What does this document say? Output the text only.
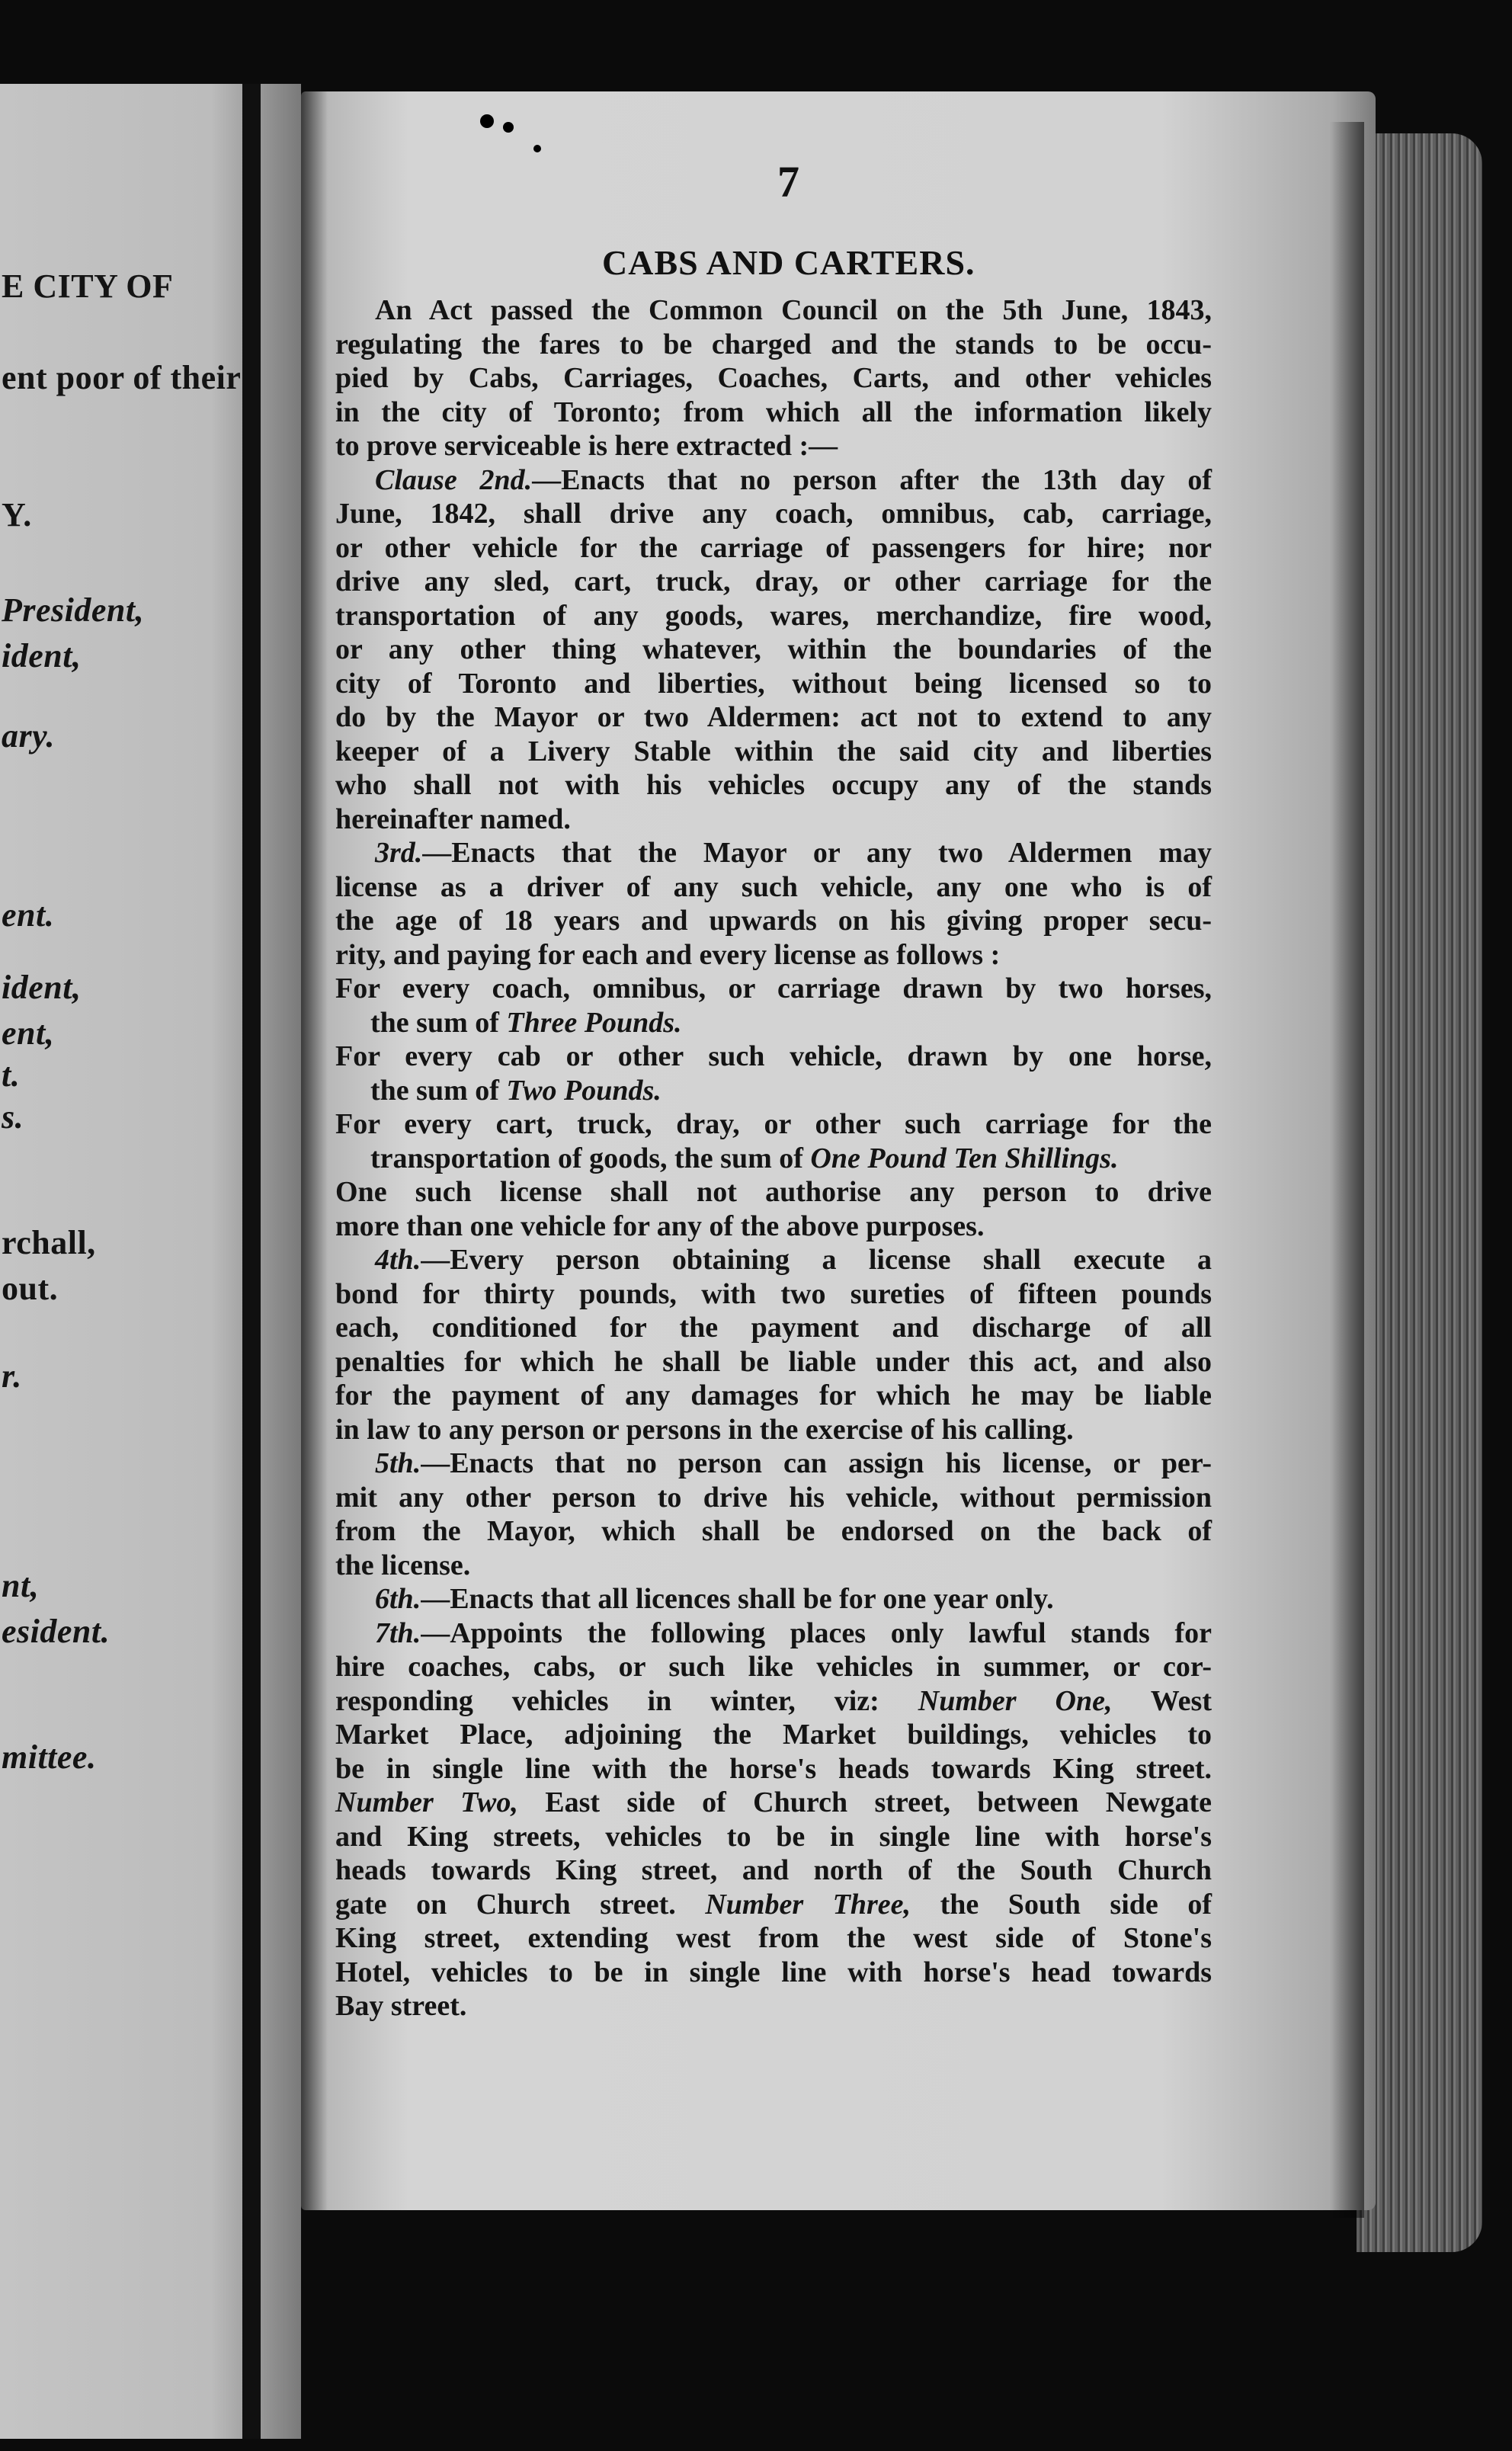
E CITY OF
ent poor of their
Y.
President,
ident,
ary.
ent.
ident,
ent,
t.
s.
rchall,
out.
r.
nt,
esident.
mittee.
7
CABS AND CARTERS.

An Act passed the Common Council on the 5th June, 1843,

regulating the fares to be charged and the stands to be occu-

pied by Cabs, Carriages, Coaches, Carts, and other vehicles

in the city of Toronto; from which all the information likely

to prove serviceable is here extracted :—

Clause 2nd.—Enacts that no person after the 13th day of

June, 1842, shall drive any coach, omnibus, cab, carriage,

or other vehicle for the carriage of passengers for hire; nor

drive any sled, cart, truck, dray, or other carriage for the

transportation of any goods, wares, merchandize, fire wood,

or any other thing whatever, within the boundaries of the

city of Toronto and liberties, without being licensed so to

do by the Mayor or two Aldermen: act not to extend to any

keeper of a Livery Stable within the said city and liberties

who shall not with his vehicles occupy any of the stands

hereinafter named.

3rd.—Enacts that the Mayor or any two Aldermen may

license as a driver of any such vehicle, any one who is of

the age of 18 years and upwards on his giving proper secu-

rity, and paying for each and every license as follows :

For every coach, omnibus, or carriage drawn by two horses,

the sum of Three Pounds.

For every cab or other such vehicle, drawn by one horse,

the sum of Two Pounds.

For every cart, truck, dray, or other such carriage for the

transportation of goods, the sum of One Pound Ten Shillings.

One such license shall not authorise any person to drive

more than one vehicle for any of the above purposes.

4th.—Every person obtaining a license shall execute a

bond for thirty pounds, with two sureties of fifteen pounds

each, conditioned for the payment and discharge of all

penalties for which he shall be liable under this act, and also

for the payment of any damages for which he may be liable

in law to any person or persons in the exercise of his calling.

5th.—Enacts that no person can assign his license, or per-

mit any other person to drive his vehicle, without permission

from the Mayor, which shall be endorsed on the back of

the license.

6th.—Enacts that all licences shall be for one year only.

7th.—Appoints the following places only lawful stands for

hire coaches, cabs, or such like vehicles in summer, or cor-

responding vehicles in winter, viz: Number One, West

Market Place, adjoining the Market buildings, vehicles to

be in single line with the horse's heads towards King street.

Number Two, East side of Church street, between Newgate

and King streets, vehicles to be in single line with horse's

heads towards King street, and north of the South Church

gate on Church street. Number Three, the South side of

King street, extending west from the west side of Stone's

Hotel, vehicles to be in single line with horse's head towards

Bay street.
